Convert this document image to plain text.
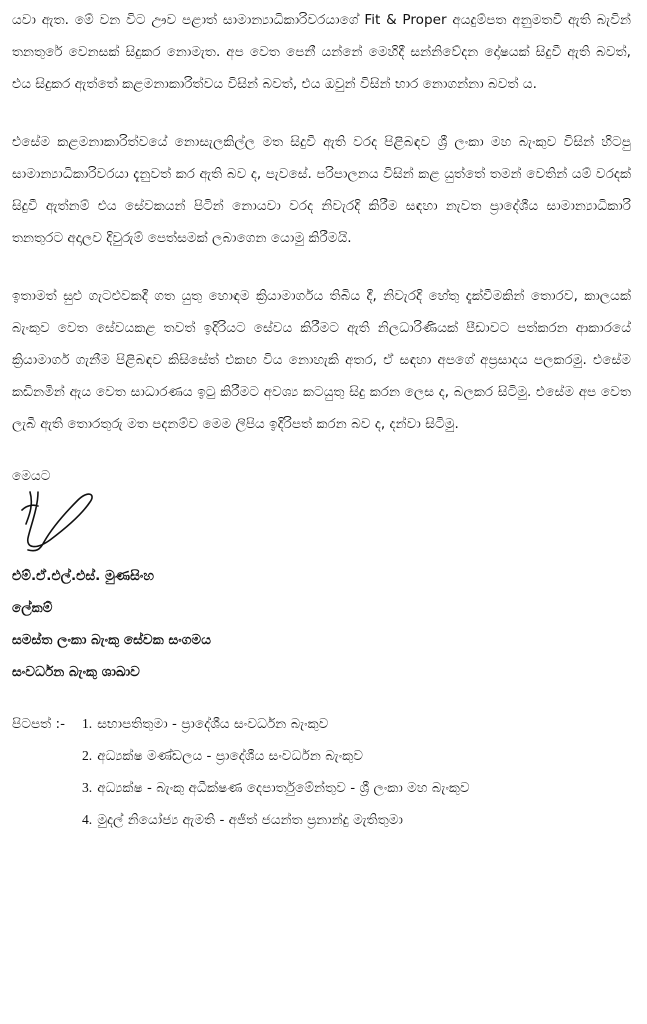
යවා ඇත. මේ වන විට ඌව පළාත් සාමාන්‍යාධිකාරිවරයාගේ Fit & Proper අයදුම්පත අනුමතවී ඇති බැවින් තනතුරේ වෙනසක් සිදුකර නොමැත. අප වෙත පෙනී යන්නේ මෙහිදී සන්නිවේදන දෝෂයක් සිදුවී ඇති බවත්, එය සිදුකර ඇත්තේ කළමනාකාරිත්වය විසින් බවත්, එය ඔවුන් විසින් භාර නොගන්නා බවත් ය.

එසේම කළමනාකාරිත්වයේ නොසැලකිල්ල මත සිදුවී ඇති වරද පිළිබඳව ශ්‍රී ලංකා මහ බැංකුව විසින් හිටපු සාමාන්‍යාධිකාරිවරයා දැනුවත් කර ඇති බව ද, පැවසේ. පරිපාලනය විසින් කළ යුත්තේ තමන් වෙතින් යම් වරදක් සිදුවී ඇත්නම් එය සේවකයන් පිටින් නොයවා වරද නිවැරදි කිරීම සඳහා නැවත ප්‍රාදේශීය සාමාන්‍යාධිකාරි තනතුරට අදාලව දිවුරුම් පෙත්සමක් ලබාගෙන යොමු කිරීමයි.

ඉතාමත් සුළු ගැටළුවකදී ගත යුතු හොඳම ක්‍රියාමාර්ගය තිබිය දී, නිවැරදි හේතු දැක්වීමකින් තොරව, කාලයක් බැංකුව වෙත සේවයකළ තවත් ඉදිරියට සේවය කිරීමට ඇති නිලධාරිණියක් පීඩාවට පත්කරන ආකාරයේ ක්‍රියාමාර්ග ගැනීම පිළිබඳව කිසිසේත් එකඟ විය නොහැකි අතර, ඒ සඳහා අපගේ අප්‍රසාදය පලකරමු. එසේම කඩිනමින් ඇය වෙත සාධාරණය ඉටු කිරීමට අවශ්‍ය කටයුතු සිදු කරන ලෙස ද, බලකර සිටිමු. එසේම අප වෙත ලැබී ඇති තොරතුරු මත පදනම්ව මෙම ලිපිය ඉදිරිපත් කරන බව ද, දන්වා සිටිමු.

මෙයට
එම්.ඒ.එල්.එස්. මුණසිංහ
ලේකම්
සමස්ත ලංකා බැංකු සේවක සංගමය
සංවර්ධන බැංකු ශාඛාව
පිටපත් :-	1. සභාපතිතුමා - ප්‍රාදේශීය සංවර්ධන බැංකුව
2. අධ්‍යක්ෂ මණ්ඩලය - ප්‍රාදේශීය සංවර්ධන බැංකුව
3. අධ්‍යක්ෂ - බැංකු අධීක්ෂණ දෙපාර්තුමේන්තුව - ශ්‍රී ලංකා මහ බැංකුව
4. මුදල් නියෝජ්‍ය ඇමති - අජිත් ජයන්ත ප්‍රනාන්දු මැතිතුමා
